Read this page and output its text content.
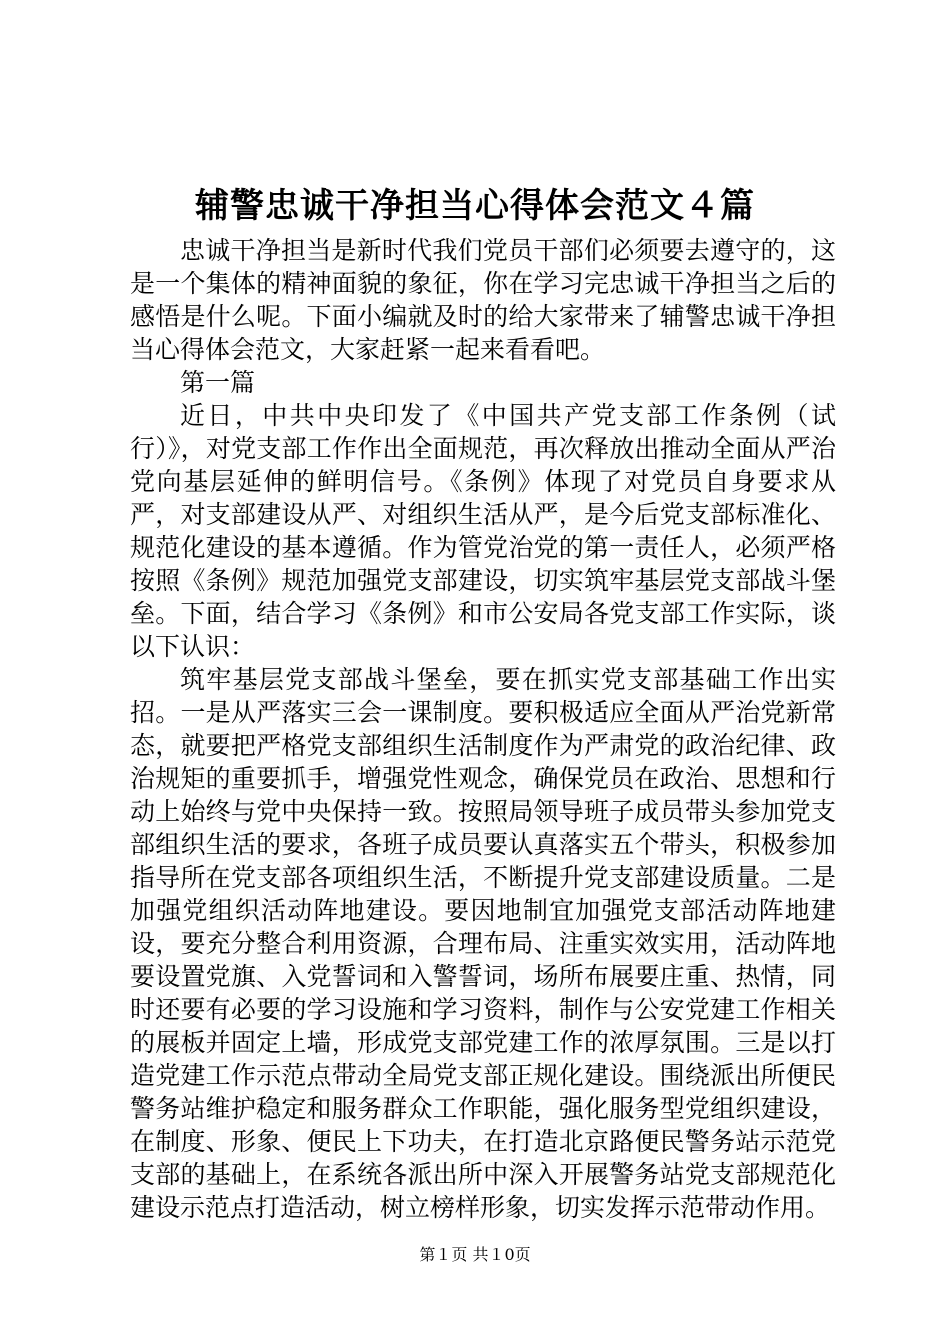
辅警忠诚干净担当心得体会范文４篇

忠诚干净担当是新时代我们党员干部们必须要去遵守的，这是一个集体的精神面貌的象征，你在学习完忠诚干净担当之后的感悟是什么呢。下面小编就及时的给大家带来了辅警忠诚干净担当心得体会范文，大家赶紧一起来看看吧。

第一篇

近日，中共中央印发了《中国共产党支部工作条例（试行）》，对党支部工作作出全面规范，再次释放出推动全面从严治党向基层延伸的鲜明信号。《条例》体现了对党员自身要求从严，对支部建设从严、对组织生活从严，是今后党支部标准化、规范化建设的基本遵循。作为管党治党的第一责任人，必须严格按照《条例》规范加强党支部建设，切实筑牢基层党支部战斗堡垒。下面，结合学习《条例》和市公安局各党支部工作实际，谈以下认识：

筑牢基层党支部战斗堡垒，要在抓实党支部基础工作出实招。一是从严落实三会一课制度。要积极适应全面从严治党新常态，就要把严格党支部组织生活制度作为严肃党的政治纪律、政治规矩的重要抓手，增强党性观念，确保党员在政治、思想和行动上始终与党中央保持一致。按照局领导班子成员带头参加党支部组织生活的要求，各班子成员要认真落实五个带头，积极参加指导所在党支部各项组织生活，不断提升党支部建设质量。二是加强党组织活动阵地建设。要因地制宜加强党支部活动阵地建设，要充分整合利用资源，合理布局、注重实效实用，活动阵地要设置党旗、入党誓词和入警誓词，场所布展要庄重、热情，同时还要有必要的学习设施和学习资料，制作与公安党建工作相关的展板并固定上墙，形成党支部党建工作的浓厚氛围。三是以打造党建工作示范点带动全局党支部正规化建设。围绕派出所便民警务站维护稳定和服务群众工作职能，强化服务型党组织建设，在制度、形象、便民上下功夫，在打造北京路便民警务站示范党支部的基础上，在系统各派出所中深入开展警务站党支部规范化建设示范点打造活动，树立榜样形象，切实发挥示范带动作用。

第１页 共１0页
